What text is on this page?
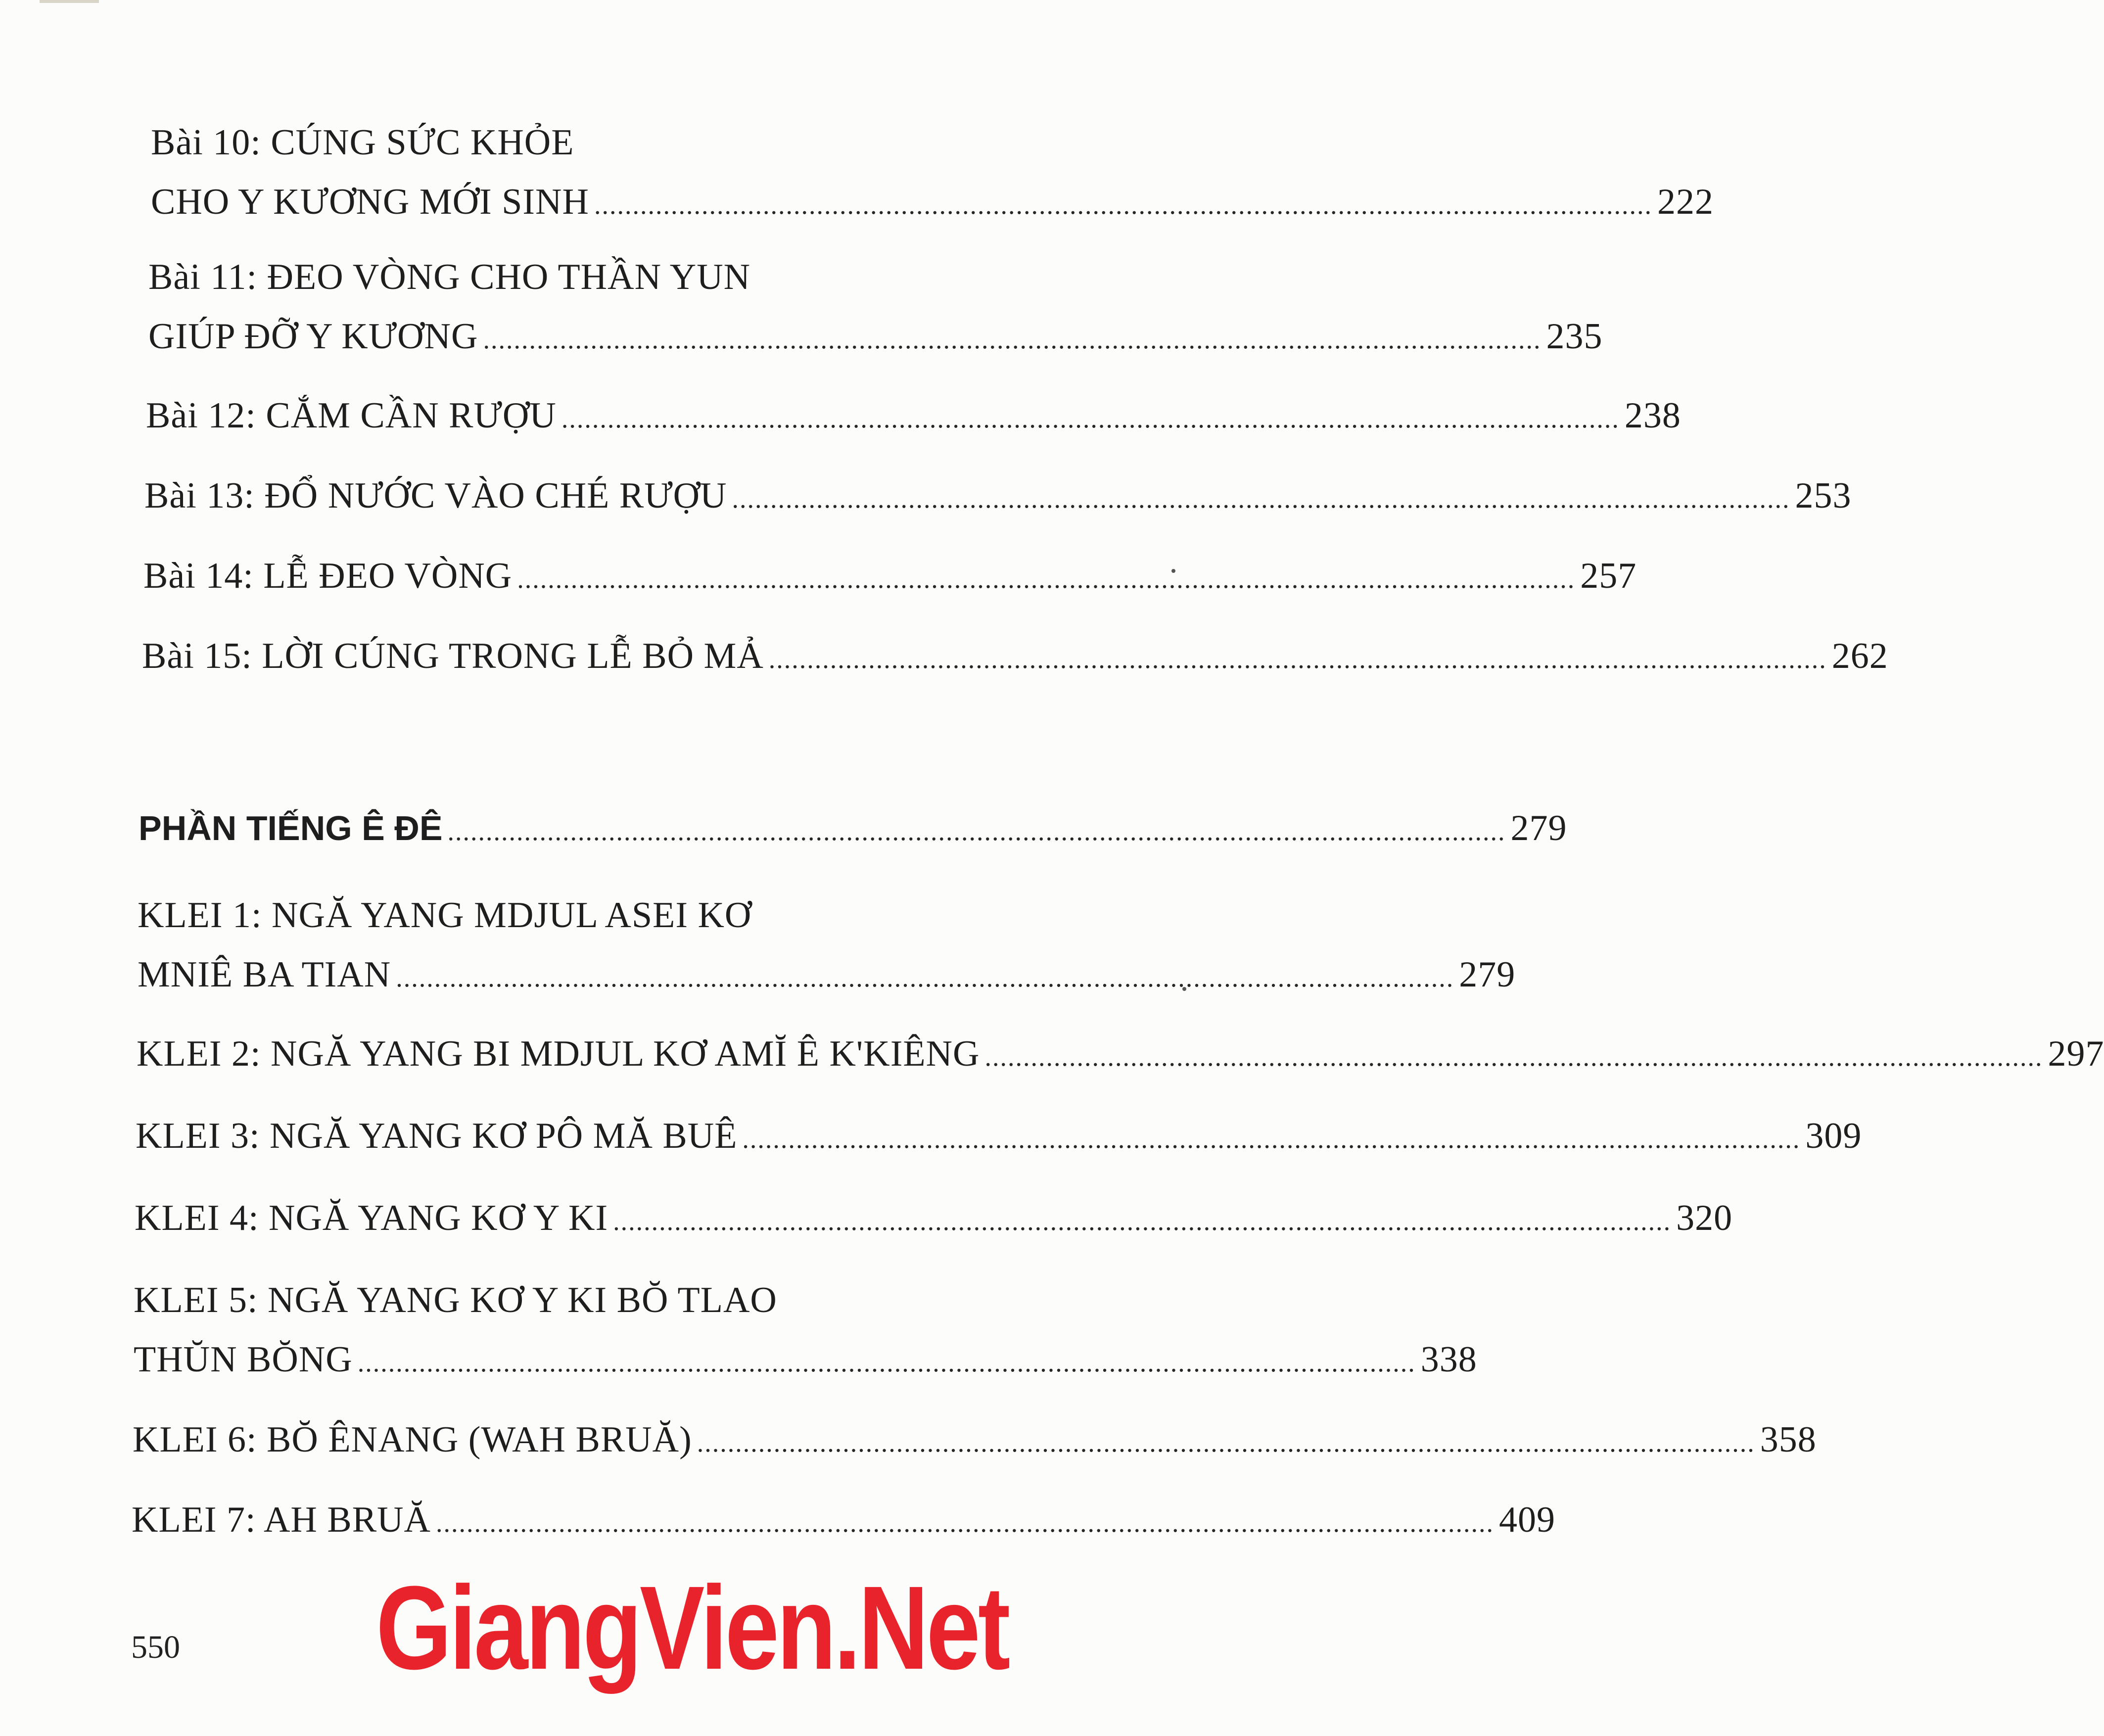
Bài 10: CÚNG SỨC KHỎE
CHO Y KƯƠNG MỚI SINH .......................................................................................................................................... 222
Bài 11: ĐEO VÒNG CHO THẦN YUN
GIÚP ĐỠ Y KƯƠNG .......................................................................................................................................... 235
Bài 12: CẮM CẦN RƯỢU .......................................................................................................................................... 238
Bài 13: ĐỔ NƯỚC VÀO CHÉ RƯỢU .......................................................................................................................................... 253
Bài 14: LỄ ĐEO VÒNG .......................................................................................................................................... 257
Bài 15: LỜI CÚNG TRONG LỄ BỎ MẢ .......................................................................................................................................... 262
PHẦN TIẾNG Ê ĐÊ .......................................................................................................................................... 279
KLEI 1: NGĂ YANG MDJUL ASEI KƠ
MNIÊ BA TIAN .......................................................................................................................................... 279
KLEI 2: NGĂ YANG BI MDJUL KƠ AMĬ Ê K'KIÊNG .......................................................................................................................................... 297
KLEI 3: NGĂ YANG KƠ PÔ MĂ BUÊ .......................................................................................................................................... 309
KLEI 4: NGĂ YANG KƠ Y KI .......................................................................................................................................... 320
KLEI 5: NGĂ YANG KƠ Y KI BŎ TLAO
THŬN BŎNG .......................................................................................................................................... 338
KLEI 6: BŎ ÊNANG (WAH BRUĂ) .......................................................................................................................................... 358
KLEI 7: AH BRUĂ .......................................................................................................................................... 409
550 GiangVien.Net
